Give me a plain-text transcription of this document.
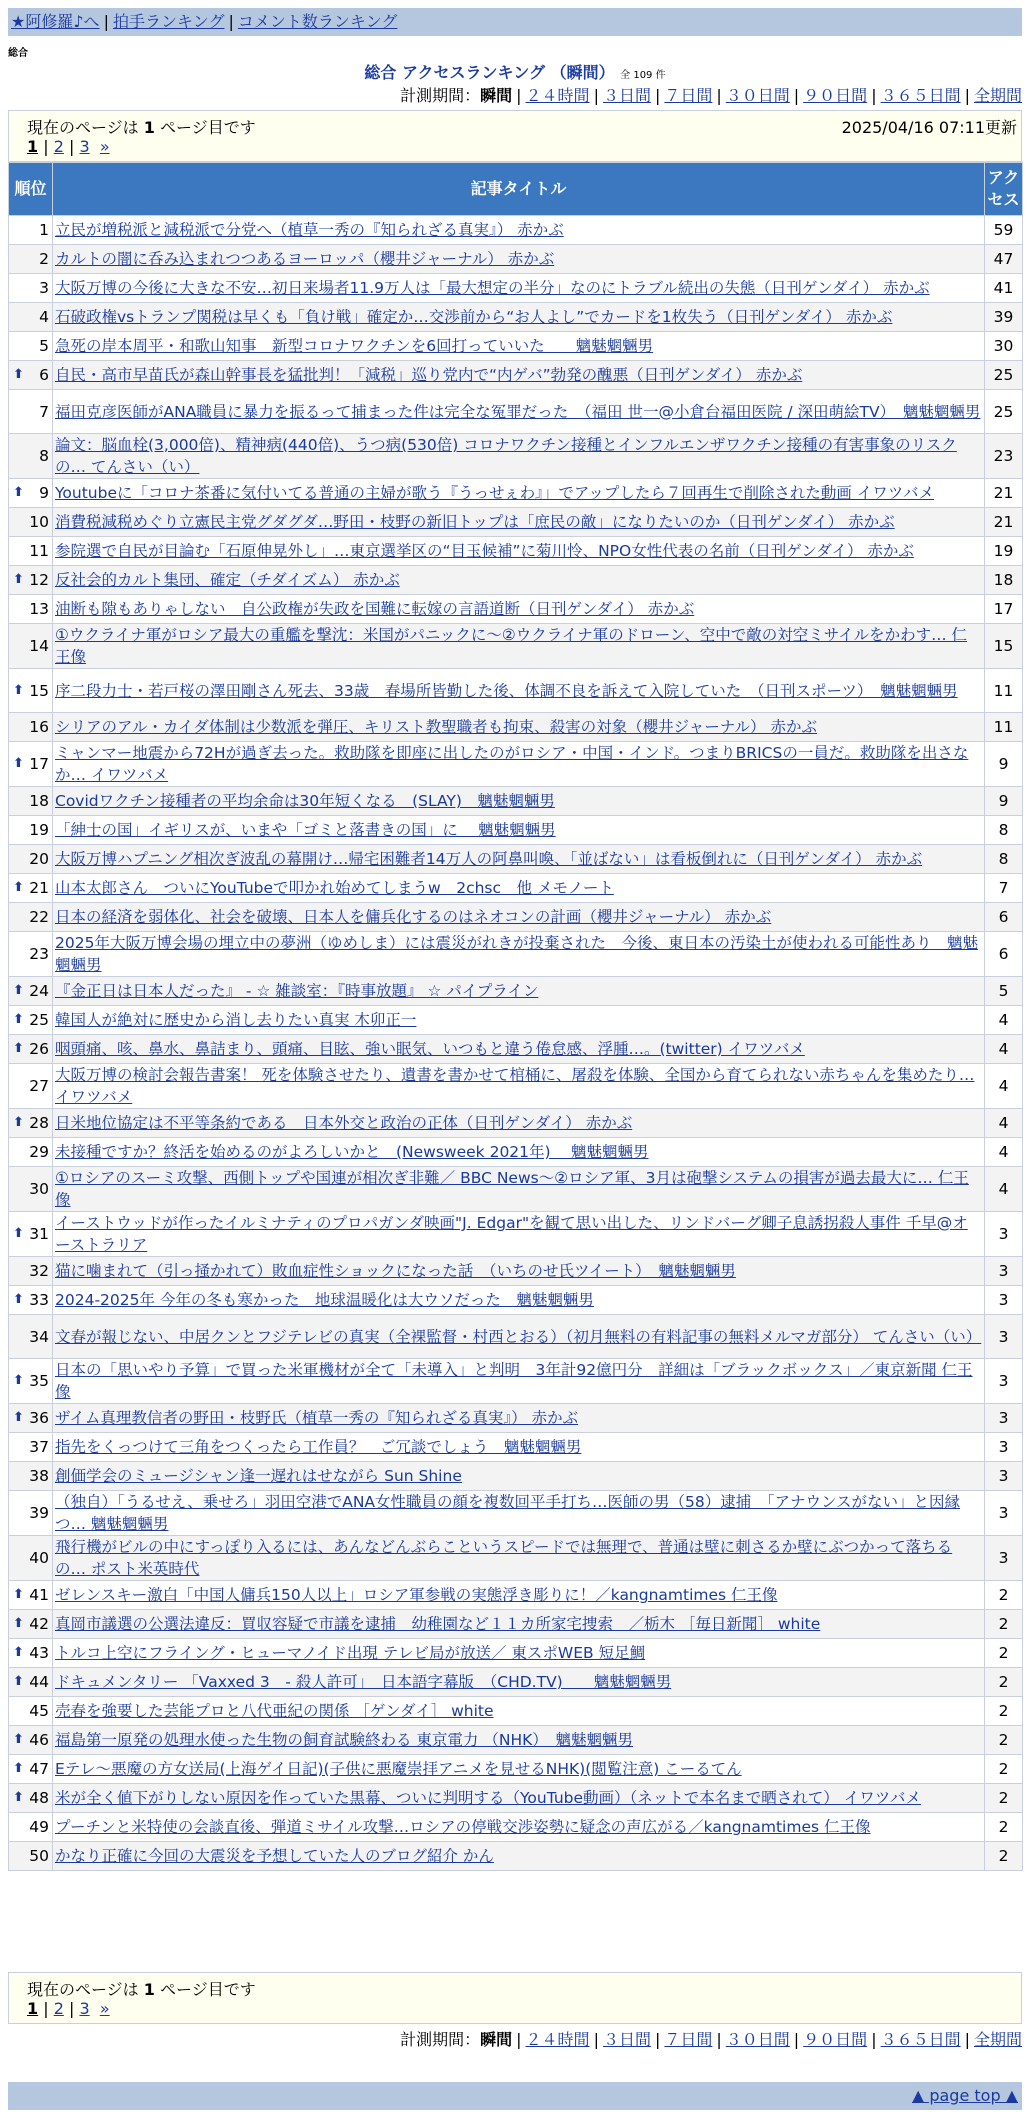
★阿修羅♪へ | 拍手ランキング | コメント数ランキング
総合
総合 アクセスランキング （瞬間） 全 109 件
計測期間：瞬間 | ２４時間 | ３日間 | ７日間 | ３０日間 | ９０日間 | ３６５日間 | 全期間
現在のページは 1 ページ目です	2025/04/16 07:11更新
1 | 2 | 3 »
順位	記事タイトル	アクセス
1	立民が増税派と減税派で分党へ（植草一秀の『知られざる真実』） 赤かぶ	59
2	カルトの闇に呑み込まれつつあるヨーロッパ（櫻井ジャーナル） 赤かぶ	47
3	大阪万博の今後に大きな不安…初日来場者11.9万人は「最大想定の半分」なのにトラブル続出の失態（日刊ゲンダイ） 赤かぶ	41
4	石破政権vsトランプ関税は早くも「負け戦」確定か…交渉前から“お人よし”でカードを1枚失う（日刊ゲンダイ） 赤かぶ	39
5	急死の岸本周平・和歌山知事　新型コロナワクチンを6回打っていいた　　魑魅魍魎男	30

⬆ 6	自民・高市早苗氏が森山幹事長を猛批判！「減税」巡り党内で“内ゲバ”勃発の醜悪（日刊ゲンダイ） 赤かぶ	25
7	福田克彦医師がANA職員に暴力を振るって捕まった件は完全な冤罪だった　（福田 世一@小倉台福田医院 / 深田萌絵TV）　魑魅魍魎男	25
8	論文：脳血栓(3,000倍)、精神病(440倍)、うつ病(530倍) コロナワクチン接種とインフルエンザワクチン接種の有害事象のリスクの… てんさい（い）	23

⬆ 9	Youtubeに「コロナ茶番に気付いてる普通の主婦が歌う『うっせぇわ』」でアップしたら７回再生で削除された動画 イワツバメ	21
10	消費税減税めぐり立憲民主党グダグダ…野田・枝野の新旧トップは「庶民の敵」になりたいのか（日刊ゲンダイ） 赤かぶ	21
11	参院選で自民が目論む「石原伸晃外し」…東京選挙区の“目玉候補”に菊川怜、NPO女性代表の名前（日刊ゲンダイ） 赤かぶ	19

⬆ 12	反社会的カルト集団、確定（チダイズム） 赤かぶ	18
13	油断も隙もありゃしない　自公政権が失政を国難に転嫁の言語道断（日刊ゲンダイ） 赤かぶ	17
14	①ウクライナ軍がロシア最大の重艦を撃沈：米国がパニックに～②ウクライナ軍のドローン、空中で敵の対空ミサイルをかわす… 仁王像	15

⬆ 15	序二段力士・若戸桜の澤田剛さん死去、33歳　春場所皆勤した後、体調不良を訴えて入院していた　（日刊スポーツ）　魑魅魍魎男	11
16	シリアのアル・カイダ体制は少数派を弾圧、キリスト教聖職者も拘束、殺害の対象（櫻井ジャーナル） 赤かぶ	11

⬆ 17	ミャンマー地震から72Hが過ぎ去った。救助隊を即座に出したのがロシア・中国・インド。つまりBRICSの一員だ。救助隊を出さなか… イワツバメ	9
18	Covidワクチン接種者の平均余命は30年短くなる　(SLAY)　魑魅魍魎男	9
19	「紳士の国」イギリスが、いまや「ゴミと落書きの国」に　 魑魅魍魎男	8
20	大阪万博ハプニング相次ぎ波乱の幕開け…帰宅困難者14万人の阿鼻叫喚、「並ばない」は看板倒れに（日刊ゲンダイ） 赤かぶ	8

⬆ 21	山本太郎さん　ついにYouTubeで叩かれ始めてしまうw　2chsc　他 メモノート	7
22	日本の経済を弱体化、社会を破壊、日本人を傭兵化するのはネオコンの計画（櫻井ジャーナル） 赤かぶ	6
23	2025年大阪万博会場の埋立中の夢洲（ゆめしま）には震災がれきが投棄された　今後、東日本の汚染土が使われる可能性あり　魑魅魍魎男	6

⬆ 24	『金正日は日本人だった』 - ☆ 雑談室：『時事放題』 ☆ パイプライン	5

⬆ 25	韓国人が絶対に歴史から消し去りたい真実 木卯正一	4

⬆ 26	咽頭痛、咳、鼻水、鼻詰まり、頭痛、目眩、強い眠気、いつもと違う倦怠感、浮腫…。(twitter) イワツバメ	4
27	大阪万博の検討会報告書案！ 死を体験させたり、遺書を書かせて棺桶に、屠殺を体験、全国から育てられない赤ちゃんを集めたり… イワツバメ	4

⬆ 28	日米地位協定は不平等条約である　日本外交と政治の正体（日刊ゲンダイ） 赤かぶ	4
29	未接種ですか？終活を始めるのがよろしいかと　(Newsweek 2021年)　 魑魅魍魎男	4
30	①ロシアのスーミ攻撃、西側トップや国連が相次ぎ非難／ BBC News～②ロシア軍、3月は砲撃システムの損害が過去最大に… 仁王像	4

⬆ 31	イーストウッドが作ったイルミナティのプロパガンダ映画"J. Edgar"を観て思い出した、リンドバーグ卿子息誘拐殺人事件 千早@オーストラリア	3
32	猫に噛まれて（引っ掻かれて）敗血症性ショックになった話　（いちのせ氏ツイート）　魑魅魍魎男	3

⬆ 33	2024-2025年 今年の冬も寒かった　地球温暖化は大ウソだった　魑魅魍魎男	3
34	文春が報じない、中居クンとフジテレビの真実（全裸監督・村西とおる）（初月無料の有料記事の無料メルマガ部分） てんさい（い）	3

⬆ 35	日本の「思いやり予算」で買った米軍機材が全て「未導入」と判明　3年計92億円分　詳細は「ブラックボックス」／東京新聞 仁王像	3

⬆ 36	ザイム真理教信者の野田・枝野氏（植草一秀の『知られざる真実』） 赤かぶ	3
37	指先をくっつけて三角をつくったら工作員？　ご冗談でしょう　魑魅魍魎男	3
38	創価学会のミュージシャン逢一遅れはせながら Sun Shine	3
39	（独自）「うるせえ、乗せろ」羽田空港でANA女性職員の顔を複数回平手打ち…医師の男（58）逮捕　「アナウンスがない」と因縁つ… 魑魅魍魎男	3
40	飛行機がビルの中にすっぽり入るには、あんなどんぶらこというスピードでは無理で、普通は壁に刺さるか壁にぶつかって落ちるの… ポスト米英時代	3

⬆ 41	ゼレンスキー激白「中国人傭兵150人以上」ロシア軍参戦の実態浮き彫りに！／kangnamtimes 仁王像	2

⬆ 42	真岡市議選の公選法違反：買収容疑で市議を逮捕　幼稚園など１１カ所家宅捜索　／栃木 ［毎日新聞］ white	2

⬆ 43	トルコ上空にフライング・ヒューマノイド出現 テレビ局が放送／ 東スポWEB 短足鯛	2

⬆ 44	ドキュメンタリー 「Vaxxed 3　- 殺人許可」　日本語字幕版　（CHD.TV)　　魑魅魍魎男	2
45	売春を強要した芸能プロと八代亜紀の関係 ［ゲンダイ］ white	2

⬆ 46	福島第一原発の処理水使った生物の飼育試験終わる 東京電力 （NHK）　魑魅魍魎男	2

⬆ 47	Eテレ〜悪魔の方女送局(上海ゲイ日記)(子供に悪魔崇拝アニメを見せるNHK)(閲覧注意) こーるてん	2

⬆ 48	米が全く値下がりしない原因を作っていた黒幕、ついに判明する（YouTube動画）（ネットで本名まで晒されて） イワツバメ	2
49	プーチンと米特使の会談直後、弾道ミサイル攻撃…ロシアの停戦交渉姿勢に疑念の声広がる／kangnamtimes 仁王像	2
50	かなり正確に今回の大震災を予想していた人のブログ紹介 かん	2
現在のページは 1 ページ目です
1 | 2 | 3 »
計測期間：瞬間 | ２４時間 | ３日間 | ７日間 | ３０日間 | ９０日間 | ３６５日間 | 全期間
▲ page top ▲
